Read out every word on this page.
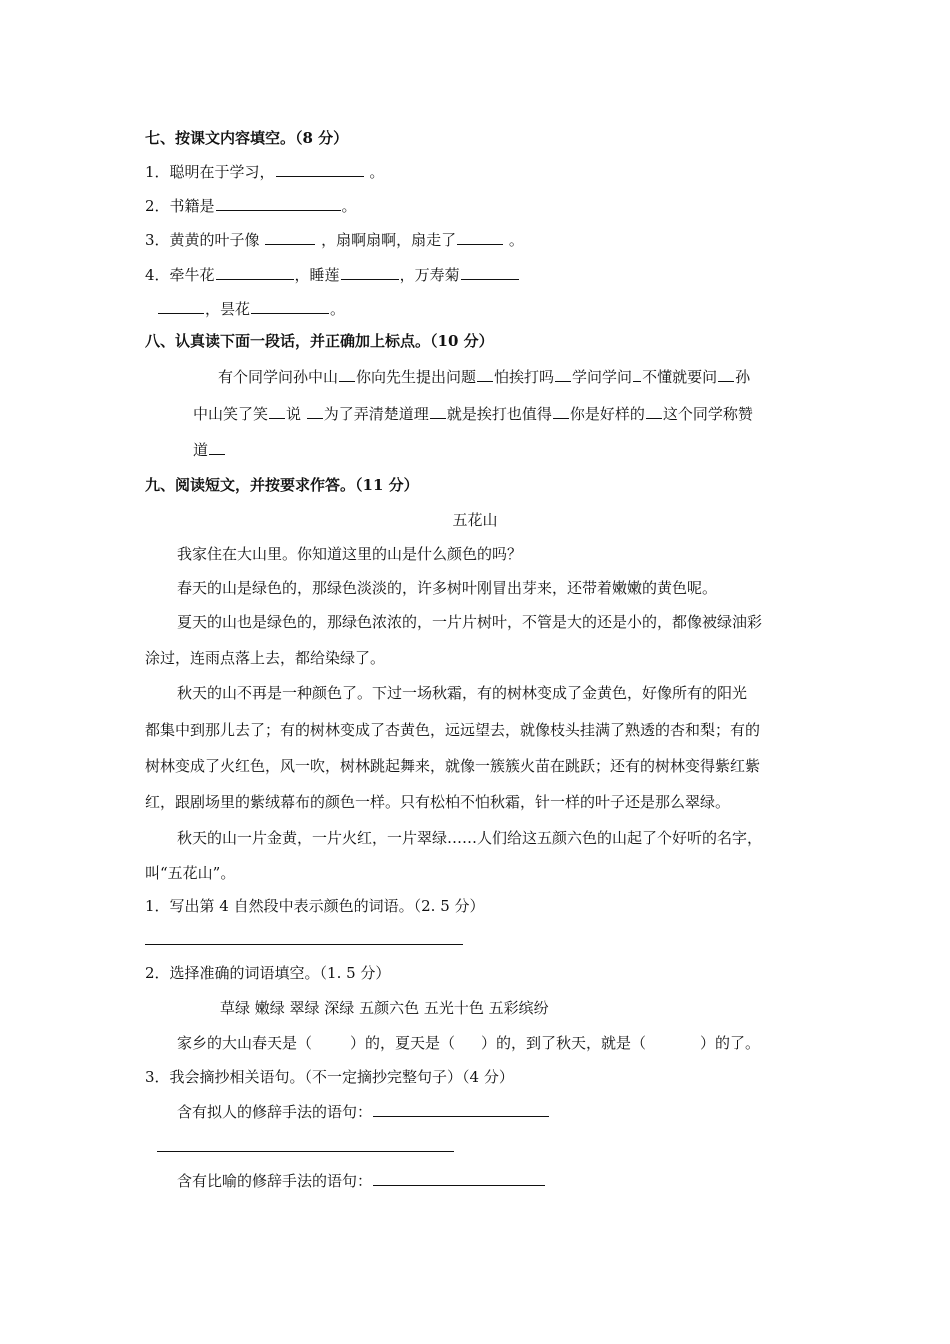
七、按课文内容填空。（8 分）
1．聪明在于学习，	。
2．书籍是	。
3．黄黄的叶子像	，扇啊扇啊，扇走了	。
4．牵牛花	，睡莲	，万寿菊
，昙花	。
八、认真读下面一段话，并正确加上标点。（10 分）
有个同学问孙中山 你向先生提出问题 怕挨打吗 学问学问 不懂就要问 孙
中山笑了笑 说 为了弄清楚道理 就是挨打也值得 你是好样的 这个同学称赞
道
九、阅读短文，并按要求作答。（11 分）
五花山
我家住在大山里。你知道这里的山是什么颜色的吗？
春天的山是绿色的，那绿色淡淡的，许多树叶刚冒出芽来，还带着嫩嫩的黄色呢。
夏天的山也是绿色的，那绿色浓浓的，一片片树叶，不管是大的还是小的，都像被绿油彩
涂过，连雨点落上去，都给染绿了。
秋天的山不再是一种颜色了。下过一场秋霜，有的树林变成了金黄色，好像所有的阳光
都集中到那儿去了；有的树林变成了杏黄色，远远望去，就像枝头挂满了熟透的杏和梨；有的
树林变成了火红色，风一吹，树林跳起舞来，就像一簇簇火苗在跳跃；还有的树林变得紫红紫
红，跟剧场里的紫绒幕布的颜色一样。只有松柏不怕秋霜，针一样的叶子还是那么翠绿。
秋天的山一片金黄，一片火红，一片翠绿……人们给这五颜六色的山起了个好听的名字，
叫“五花山”。
1．写出第 4 自然段中表示颜色的词语。（2. 5 分）
2．选择准确的词语填空。（1. 5 分）
草绿 嫩绿 翠绿 深绿 五颜六色 五光十色 五彩缤纷
家乡的大山春天是（	）的，夏天是（ ）的，到了秋天，就是（	）的了。
3．我会摘抄相关语句。（不一定摘抄完整句子）（4 分）
含有拟人的修辞手法的语句：
含有比喻的修辞手法的语句：
